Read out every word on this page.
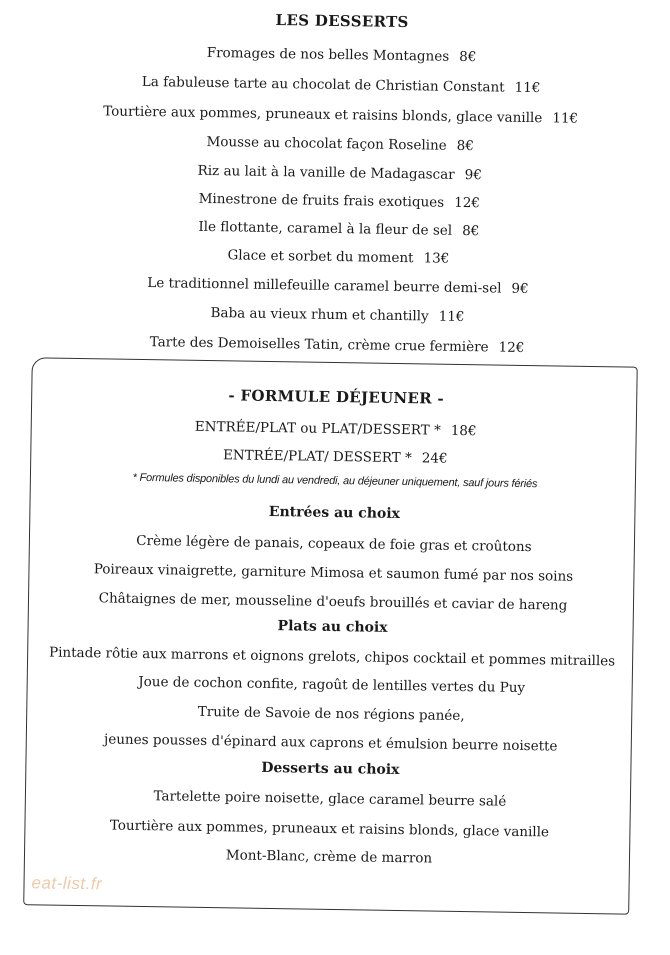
LES DESSERTS
Fromages de nos belles Montagnes 8€
La fabuleuse tarte au chocolat de Christian Constant 11€
Tourtière aux pommes, pruneaux et raisins blonds, glace vanille 11€
Mousse au chocolat façon Roseline 8€
Riz au lait à la vanille de Madagascar 9€
Minestrone de fruits frais exotiques 12€
Ile flottante, caramel à la fleur de sel 8€
Glace et sorbet du moment 13€
Le traditionnel millefeuille caramel beurre demi-sel 9€
Baba au vieux rhum et chantilly 11€
Tarte des Demoiselles Tatin, crème crue fermière 12€
- FORMULE DÉJEUNER -
ENTRÉE/PLAT ou PLAT/DESSERT * 18€
ENTRÉE/PLAT/ DESSERT * 24€
* Formules disponibles du lundi au vendredi, au déjeuner uniquement, sauf jours fériés
Entrées au choix
Crème légère de panais, copeaux de foie gras et croûtons
Poireaux vinaigrette, garniture Mimosa et saumon fumé par nos soins
Châtaignes de mer, mousseline d'oeufs brouillés et caviar de hareng
Plats au choix
Pintade rôtie aux marrons et oignons grelots, chipos cocktail et pommes mitrailles
Joue de cochon confite, ragoût de lentilles vertes du Puy
Truite de Savoie de nos régions panée,
jeunes pousses d'épinard aux caprons et émulsion beurre noisette
Desserts au choix
Tartelette poire noisette, glace caramel beurre salé
Tourtière aux pommes, pruneaux et raisins blonds, glace vanille
Mont-Blanc, crème de marron
eat-list.fr
